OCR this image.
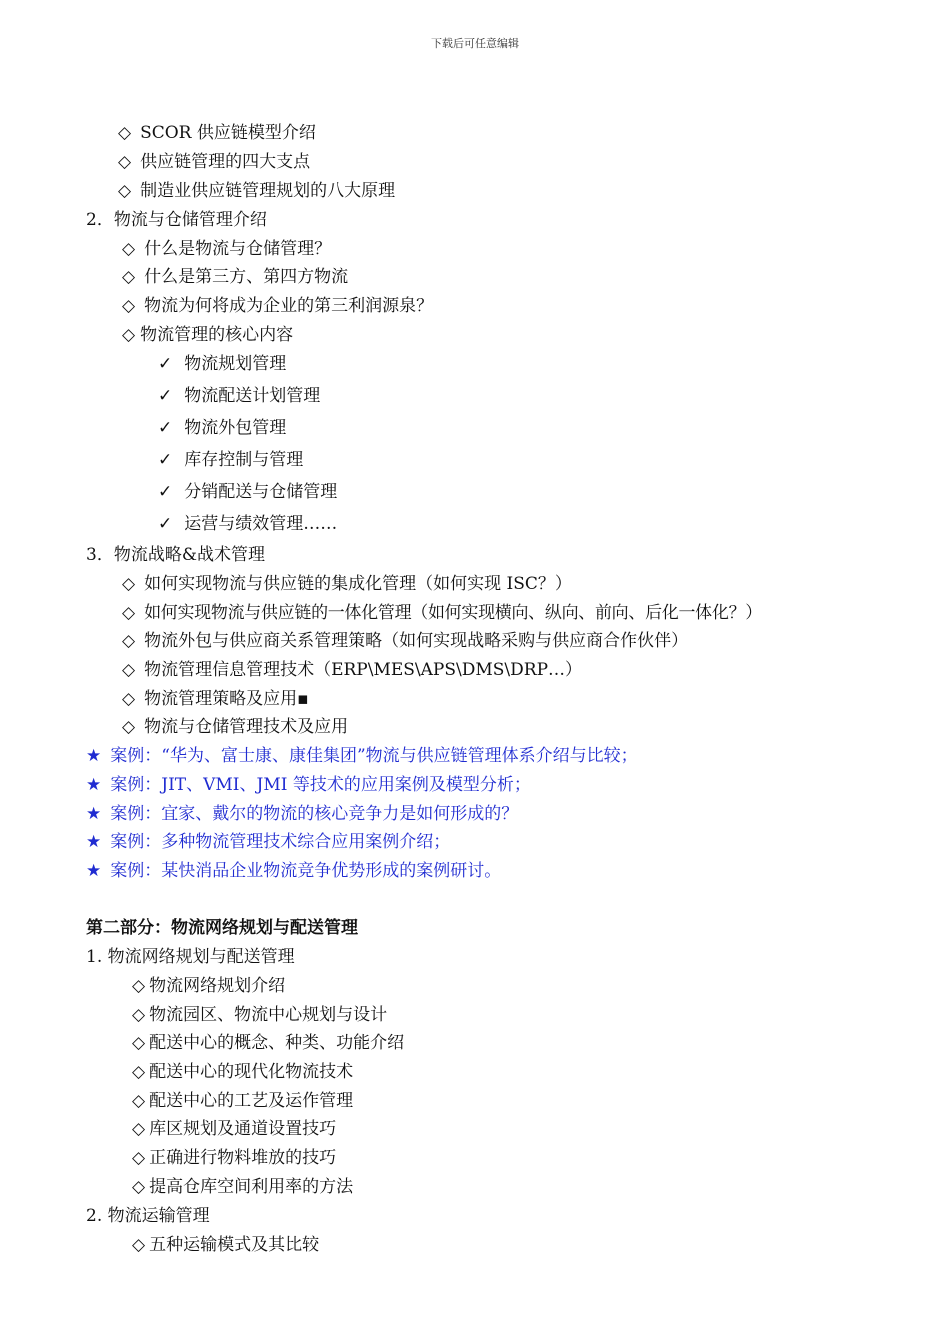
下载后可任意编辑
◇ SCOR 供应链模型介绍
◇ 供应链管理的四大支点
◇ 制造业供应链管理规划的八大原理
2．物流与仓储管理介绍
◇ 什么是物流与仓储管理？
◇ 什么是第三方、第四方物流
◇ 物流为何将成为企业的第三利润源泉？
◇ 物流管理的核心内容
✓ 物流规划管理
✓ 物流配送计划管理
✓ 物流外包管理
✓ 库存控制与管理
✓ 分销配送与仓储管理
✓ 运营与绩效管理……
3．物流战略&战术管理
◇ 如何实现物流与供应链的集成化管理（如何实现 ISC？）
◇ 如何实现物流与供应链的一体化管理（如何实现横向、纵向、前向、后化一体化？）
◇ 物流外包与供应商关系管理策略（如何实现战略采购与供应商合作伙伴）
◇ 物流管理信息管理技术（ERP\MES\APS\DMS\DRP…）
◇ 物流管理策略及应用▪
◇ 物流与仓储管理技术及应用
★ 案例：“华为、富士康、康佳集团”物流与供应链管理体系介绍与比较；
★ 案例：JIT、VMI、JMI 等技术的应用案例及模型分析；
★ 案例：宜家、戴尔的物流的核心竞争力是如何形成的？
★ 案例：多种物流管理技术综合应用案例介绍；
★ 案例：某快消品企业物流竞争优势形成的案例研讨。
第二部分：物流网络规划与配送管理
1. 物流网络规划与配送管理
◇ 物流网络规划介绍
◇ 物流园区、物流中心规划与设计
◇ 配送中心的概念、种类、功能介绍
◇ 配送中心的现代化物流技术
◇ 配送中心的工艺及运作管理
◇ 库区规划及通道设置技巧
◇ 正确进行物料堆放的技巧
◇ 提高仓库空间利用率的方法
2. 物流运输管理
◇ 五种运输模式及其比较
